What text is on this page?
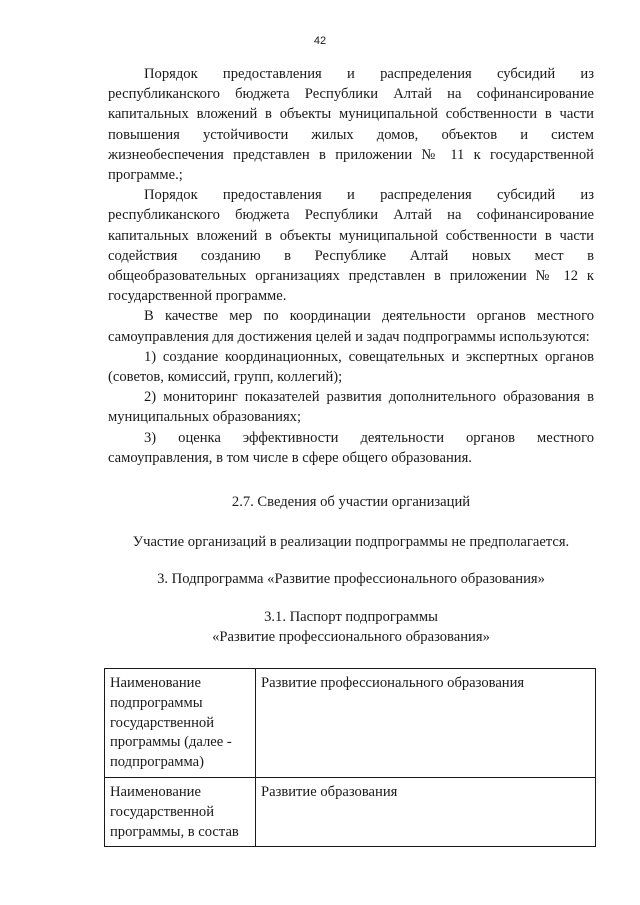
42

Порядок предоставления и распределения субсидий из республиканского бюджета Республики Алтай на софинансирование капитальных вложений в объекты муниципальной собственности в части повышения устойчивости жилых домов, объектов и систем жизнеобеспечения представлен в приложении № 11 к государственной программе.;

Порядок предоставления и распределения субсидий из республиканского бюджета Республики Алтай на софинансирование капитальных вложений в объекты муниципальной собственности в части содействия созданию в Республике Алтай новых мест в общеобразовательных организациях представлен в приложении № 12 к государственной программе.

В качестве мер по координации деятельности органов местного самоуправления для достижения целей и задач подпрограммы используются:

1) создание координационных, совещательных и экспертных органов (советов, комиссий, групп, коллегий);

2) мониторинг показателей развития дополнительного образования в муниципальных образованиях;

3) оценка эффективности деятельности органов местного самоуправления, в том числе в сфере общего образования.

2.7. Сведения об участии организаций

Участие организаций в реализации подпрограммы не предполагается.

3. Подпрограмма «Развитие профессионального образования»

3.1. Паспорт подпрограммы

«Развитие профессионального образования»

Наименование подпрограммы государственной программы (далее - подпрограмма)	Развитие профессионального образования
Наименование государственной программы, в состав	Развитие образования
